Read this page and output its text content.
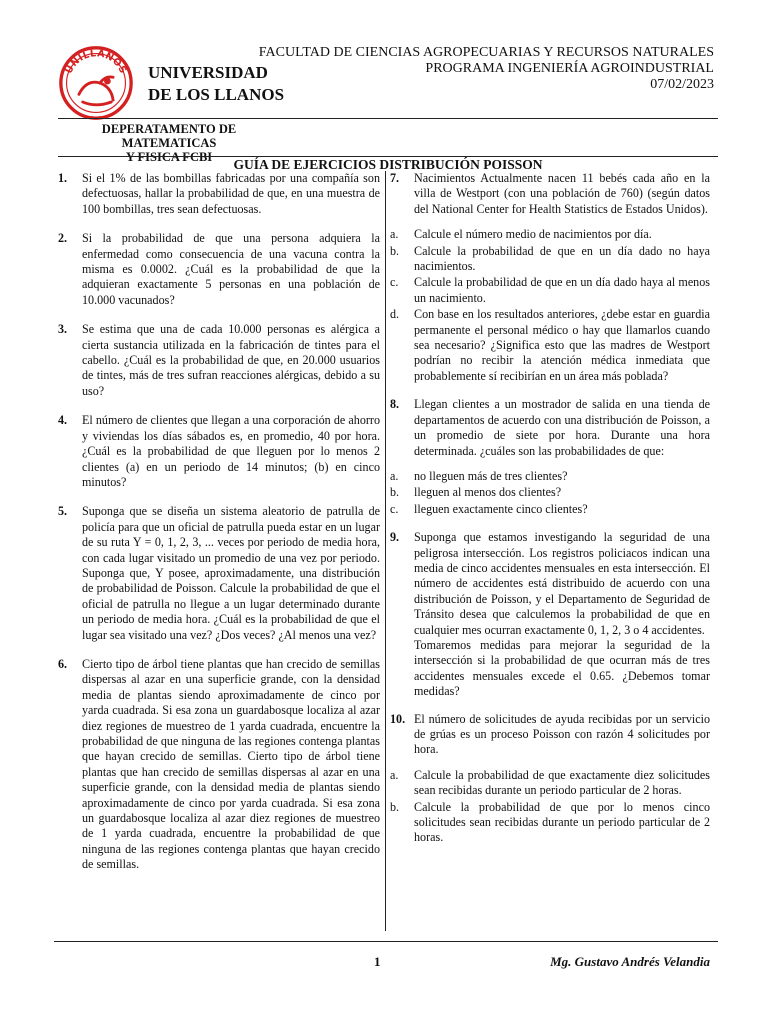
UNILLANOS UNIVERSIDAD
DE LOS LLANOS
FACULTAD DE CIENCIAS AGROPECUARIAS Y RECURSOS NATURALES
PROGRAMA INGENIERÍA AGROINDUSTRIAL
07/02/2023
DEPERATAMENTO DE MATEMATICAS
Y FISICA FCBI	GUÍA DE EJERCICIOS DISTRIBUCIÓN POISSON
1.	Si el 1% de las bombillas fabricadas por una compañía son defectuosas, hallar la probabilidad de que, en una muestra de 100 bombillas, tres sean defectuosas.
2.	Si la probabilidad de que una persona adquiera la enfermedad como consecuencia de una vacuna contra la misma es 0.0002. ¿Cuál es la probabilidad de que la adquieran exactamente 5 personas en una población de 10.000 vacunados?
3.	Se estima que una de cada 10.000 personas es alérgica a cierta sustancia utilizada en la fabricación de tintes para el cabello. ¿Cuál es la probabilidad de que, en 20.000 usuarios de tintes, más de tres sufran reacciones alérgicas, debido a su uso?
4.	El número de clientes que llegan a una corporación de ahorro y viviendas los días sábados es, en promedio, 40 por hora. ¿Cuál es la probabilidad de que lleguen por lo menos 2 clientes (a) en un periodo de 14 minutos; (b) en cinco minutos?
5.	Suponga que se diseña un sistema aleatorio de patrulla de policía para que un oficial de patrulla pueda estar en un lugar de su ruta Y = 0, 1, 2, 3, ... veces por periodo de media hora, con cada lugar visitado un promedio de una vez por periodo. Suponga que, Y posee, aproximadamente, una distribución de probabilidad de Poisson. Calcule la probabilidad de que el oficial de patrulla no llegue a un lugar determinado durante un periodo de media hora. ¿Cuál es la probabilidad de que el lugar sea visitado una vez? ¿Dos veces? ¿Al menos una vez?
6.	Cierto tipo de árbol tiene plantas que han crecido de semillas dispersas al azar en una superficie grande, con la densidad media de plantas siendo aproximadamente de cinco por yarda cuadrada. Si esa zona un guardabosque localiza al azar diez regiones de muestreo de 1 yarda cuadrada, encuentre la probabilidad de que ninguna de las regiones contenga plantas que hayan crecido de semillas. Cierto tipo de árbol tiene plantas que han crecido de semillas dispersas al azar en una superficie grande, con la densidad media de plantas siendo aproximadamente de cinco por yarda cuadrada. Si esa zona un guardabosque localiza al azar diez regiones de muestreo de 1 yarda cuadrada, encuentre la probabilidad de que ninguna de las regiones contenga plantas que hayan crecido de semillas.
7.	Nacimientos Actualmente nacen 11 bebés cada año en la villa de Westport (con una población de 760) (según datos del National Center for Health Statistics de Estados Unidos).
a.	Calcule el número medio de nacimientos por día.
b.	Calcule la probabilidad de que en un día dado no haya nacimientos.
c.	Calcule la probabilidad de que en un día dado haya al menos un nacimiento.
d.	Con base en los resultados anteriores, ¿debe estar en guardia permanente el personal médico o hay que llamarlos cuando sea necesario? ¿Significa esto que las madres de Westport podrían no recibir la atención médica inmediata que probablemente sí recibirían en un área más poblada?
8.	Llegan clientes a un mostrador de salida en una tienda de departamentos de acuerdo con una distribución de Poisson, a un promedio de siete por hora. Durante una hora determinada. ¿cuáles son las probabilidades de que:
a.	no lleguen más de tres clientes?
b.	lleguen al menos dos clientes?
c.	lleguen exactamente cinco clientes?
9.	Suponga que estamos investigando la seguridad de una peligrosa intersección. Los registros policiacos indican una media de cinco accidentes mensuales en esta intersección. El número de accidentes está distribuido de acuerdo con una distribución de Poisson, y el Departamento de Seguridad de Tránsito desea que calculemos la probabilidad de que en cualquier mes ocurran exactamente 0, 1, 2, 3 o 4 accidentes.
Tomaremos medidas para mejorar la seguridad de la intersección si la probabilidad de que ocurran más de tres accidentes mensuales excede el 0.65. ¿Debemos tomar medidas?
10. El número de solicitudes de ayuda recibidas por un servicio de grúas es un proceso Poisson con razón 4 solicitudes por hora.
a.	Calcule la probabilidad de que exactamente diez solicitudes sean recibidas durante un periodo particular de 2 horas.
b.	Calcule la probabilidad de que por lo menos cinco solicitudes sean recibidas durante un periodo particular de 2 horas.
1	Mg. Gustavo Andrés Velandia
